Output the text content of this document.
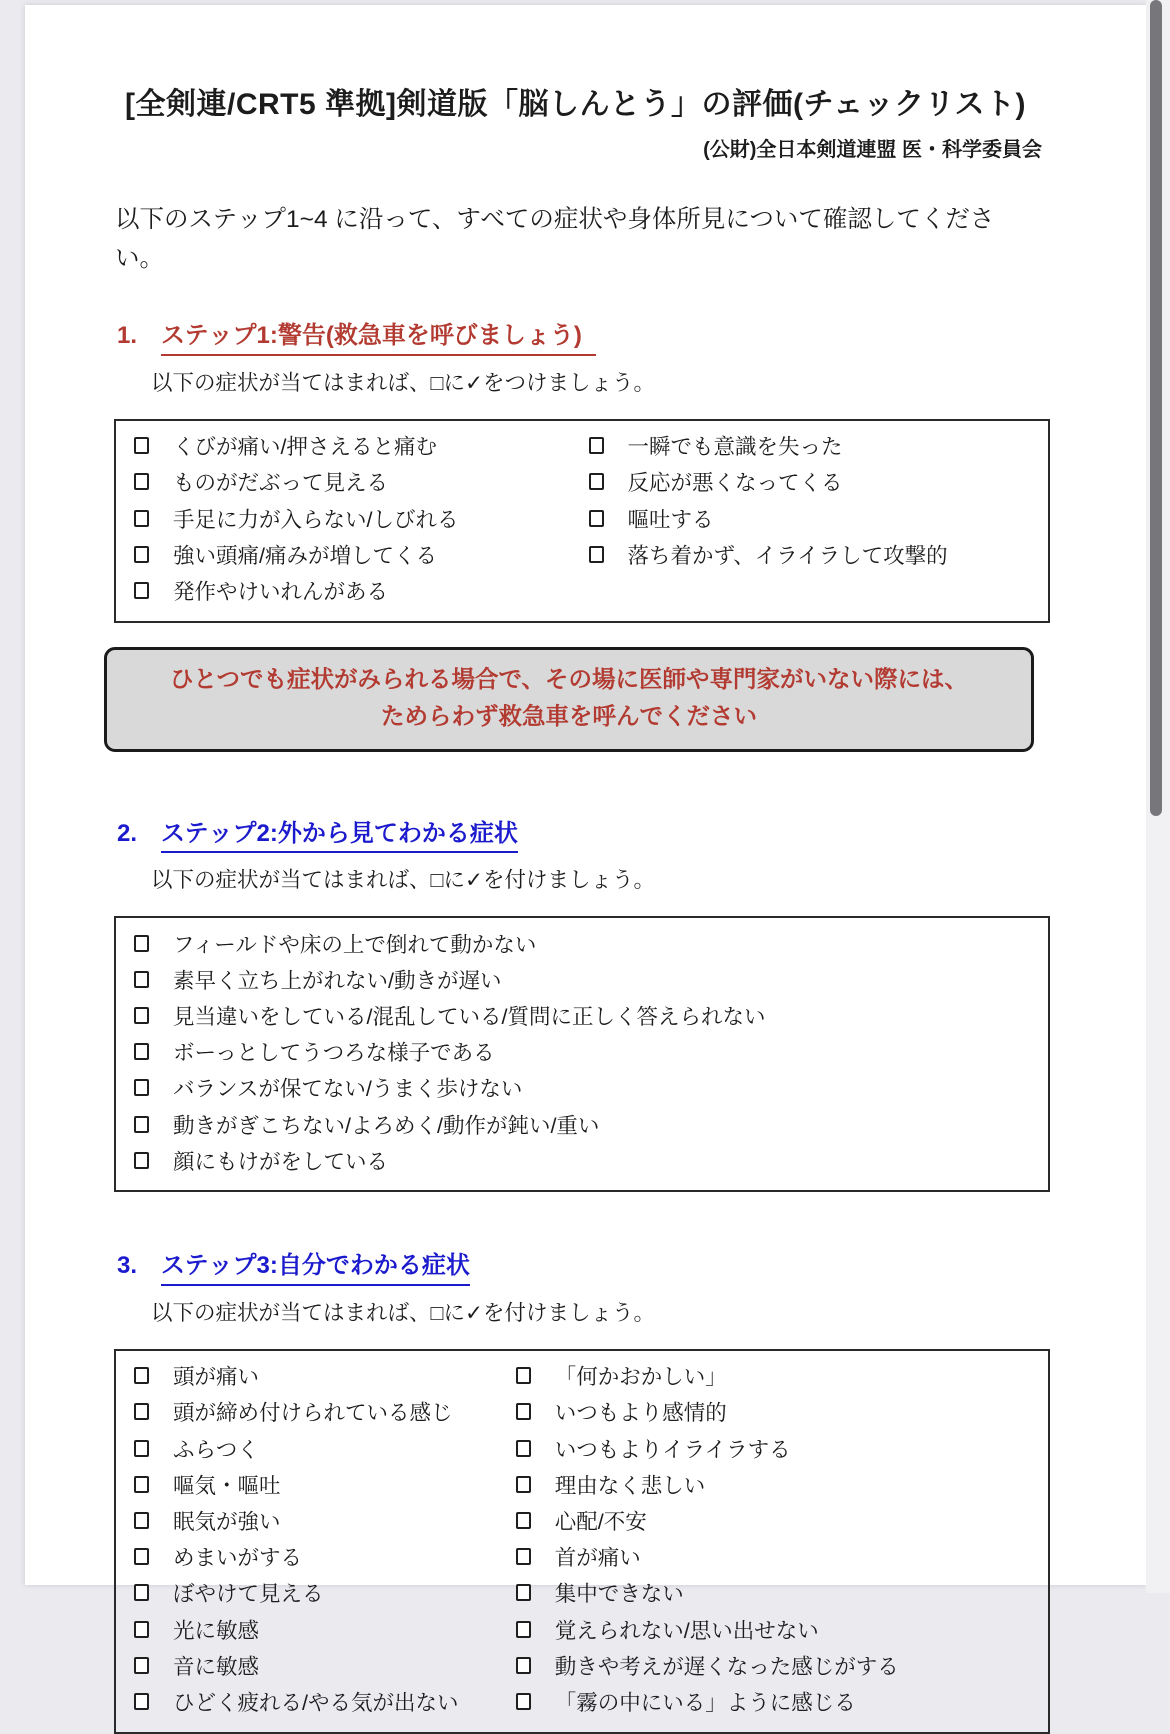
[全剣連/CRT5 準拠]剣道版「脳しんとう」の評価(チェックリスト)
(公財)全日本剣道連盟 医・科学委員会

以下のステップ1~4 に沿って、すべての症状や身体所見について確認してください。

1. ステップ1:警告(救急車を呼びましょう)
以下の症状が当てはまれば、□に✓をつけましょう。
くびが痛い/押さえると痛む
ものがだぶって見える
手足に力が入らない/しびれる
強い頭痛/痛みが増してくる
発作やけいれんがある
一瞬でも意識を失った
反応が悪くなってくる
嘔吐する
落ち着かず、イライラして攻撃的
ひとつでも症状がみられる場合で、その場に医師や専門家がいない際には、
ためらわず救急車を呼んでください
2. ステップ2:外から見てわかる症状
以下の症状が当てはまれば、□に✓を付けましょう。
フィールドや床の上で倒れて動かない
素早く立ち上がれない/動きが遅い
見当違いをしている/混乱している/質問に正しく答えられない
ボーっとしてうつろな様子である
バランスが保てない/うまく歩けない
動きがぎこちない/よろめく/動作が鈍い/重い
顔にもけがをしている
3. ステップ3:自分でわかる症状
以下の症状が当てはまれば、□に✓を付けましょう。
頭が痛い
頭が締め付けられている感じ
ふらつく
嘔気・嘔吐
眠気が強い
めまいがする
ぼやけて見える
光に敏感
音に敏感
ひどく疲れる/やる気が出ない
「何かおかしい」
いつもより感情的
いつもよりイライラする
理由なく悲しい
心配/不安
首が痛い
集中できない
覚えられない/思い出せない
動きや考えが遅くなった感じがする
「霧の中にいる」ように感じる
